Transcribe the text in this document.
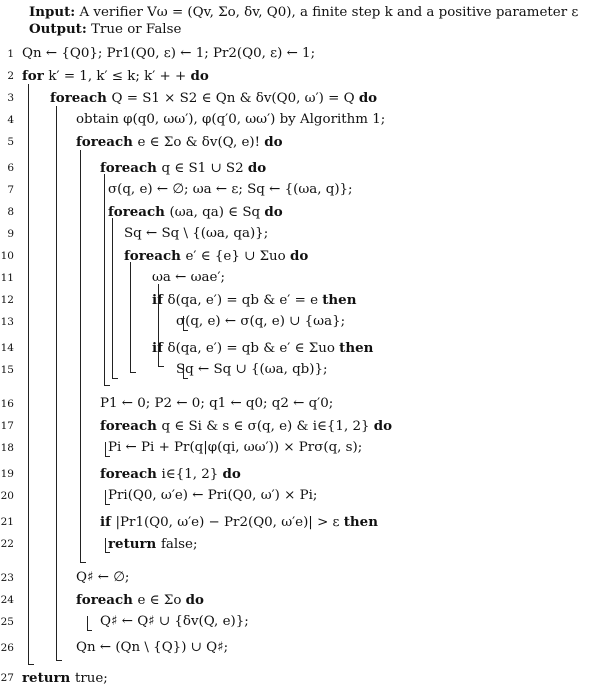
Input: A verifier Vω = (Qv, Σo, δv, Q0), a finite step k and a positive parameter ε
Output: True or False
1 Qn ← {Q0}; Pr1(Q0, ε) ← 1; Pr2(Q0, ε) ← 1;
2 for k′ = 1, k′ ≤ k; k′ + + do
3	foreach Q = S1 × S2 ∈ Qn & δv(Q0, ω′) = Q do
4	obtain φ(q0, ωω′), φ(q′0, ωω′) by Algorithm 1;
5	foreach e ∈ Σo & δv(Q, e)! do
6	foreach q ∈ S1 ∪ S2 do
7	σ(q, e) ← ∅; ωa ← ε; Sq ← {(ωa, q)};
8	foreach (ωa, qa) ∈ Sq do
9	Sq ← Sq \ {(ωa, qa)};
10	foreach e′ ∈ {e} ∪ Σuo do
11	ωa ← ωae′;
12	if δ(qa, e′) = qb & e′ = e then
13	σ(q, e) ← σ(q, e) ∪ {ωa};
14	if δ(qa, e′) = qb & e′ ∈ Σuo then
15	Sq ← Sq ∪ {(ωa, qb)};
16	P1 ← 0; P2 ← 0; q1 ← q0; q2 ← q′0;
17	foreach q ∈ Si & s ∈ σ(q, e) & i∈{1, 2} do
18	Pi ← Pi + Pr(q|φ(qi, ωω′)) × Prσ(q, s);
19	foreach i∈{1, 2} do
20	Pri(Q0, ω′e) ← Pri(Q0, ω′) × Pi;
21	if |Pr1(Q0, ω′e) − Pr2(Q0, ω′e)| > ε then
22	return false;
23	Q♯ ← ∅;
24	foreach e ∈ Σo do
25	Q♯ ← Q♯ ∪ {δv(Q, e)};
26	Qn ← (Qn \ {Q}) ∪ Q♯;
27 return true;
